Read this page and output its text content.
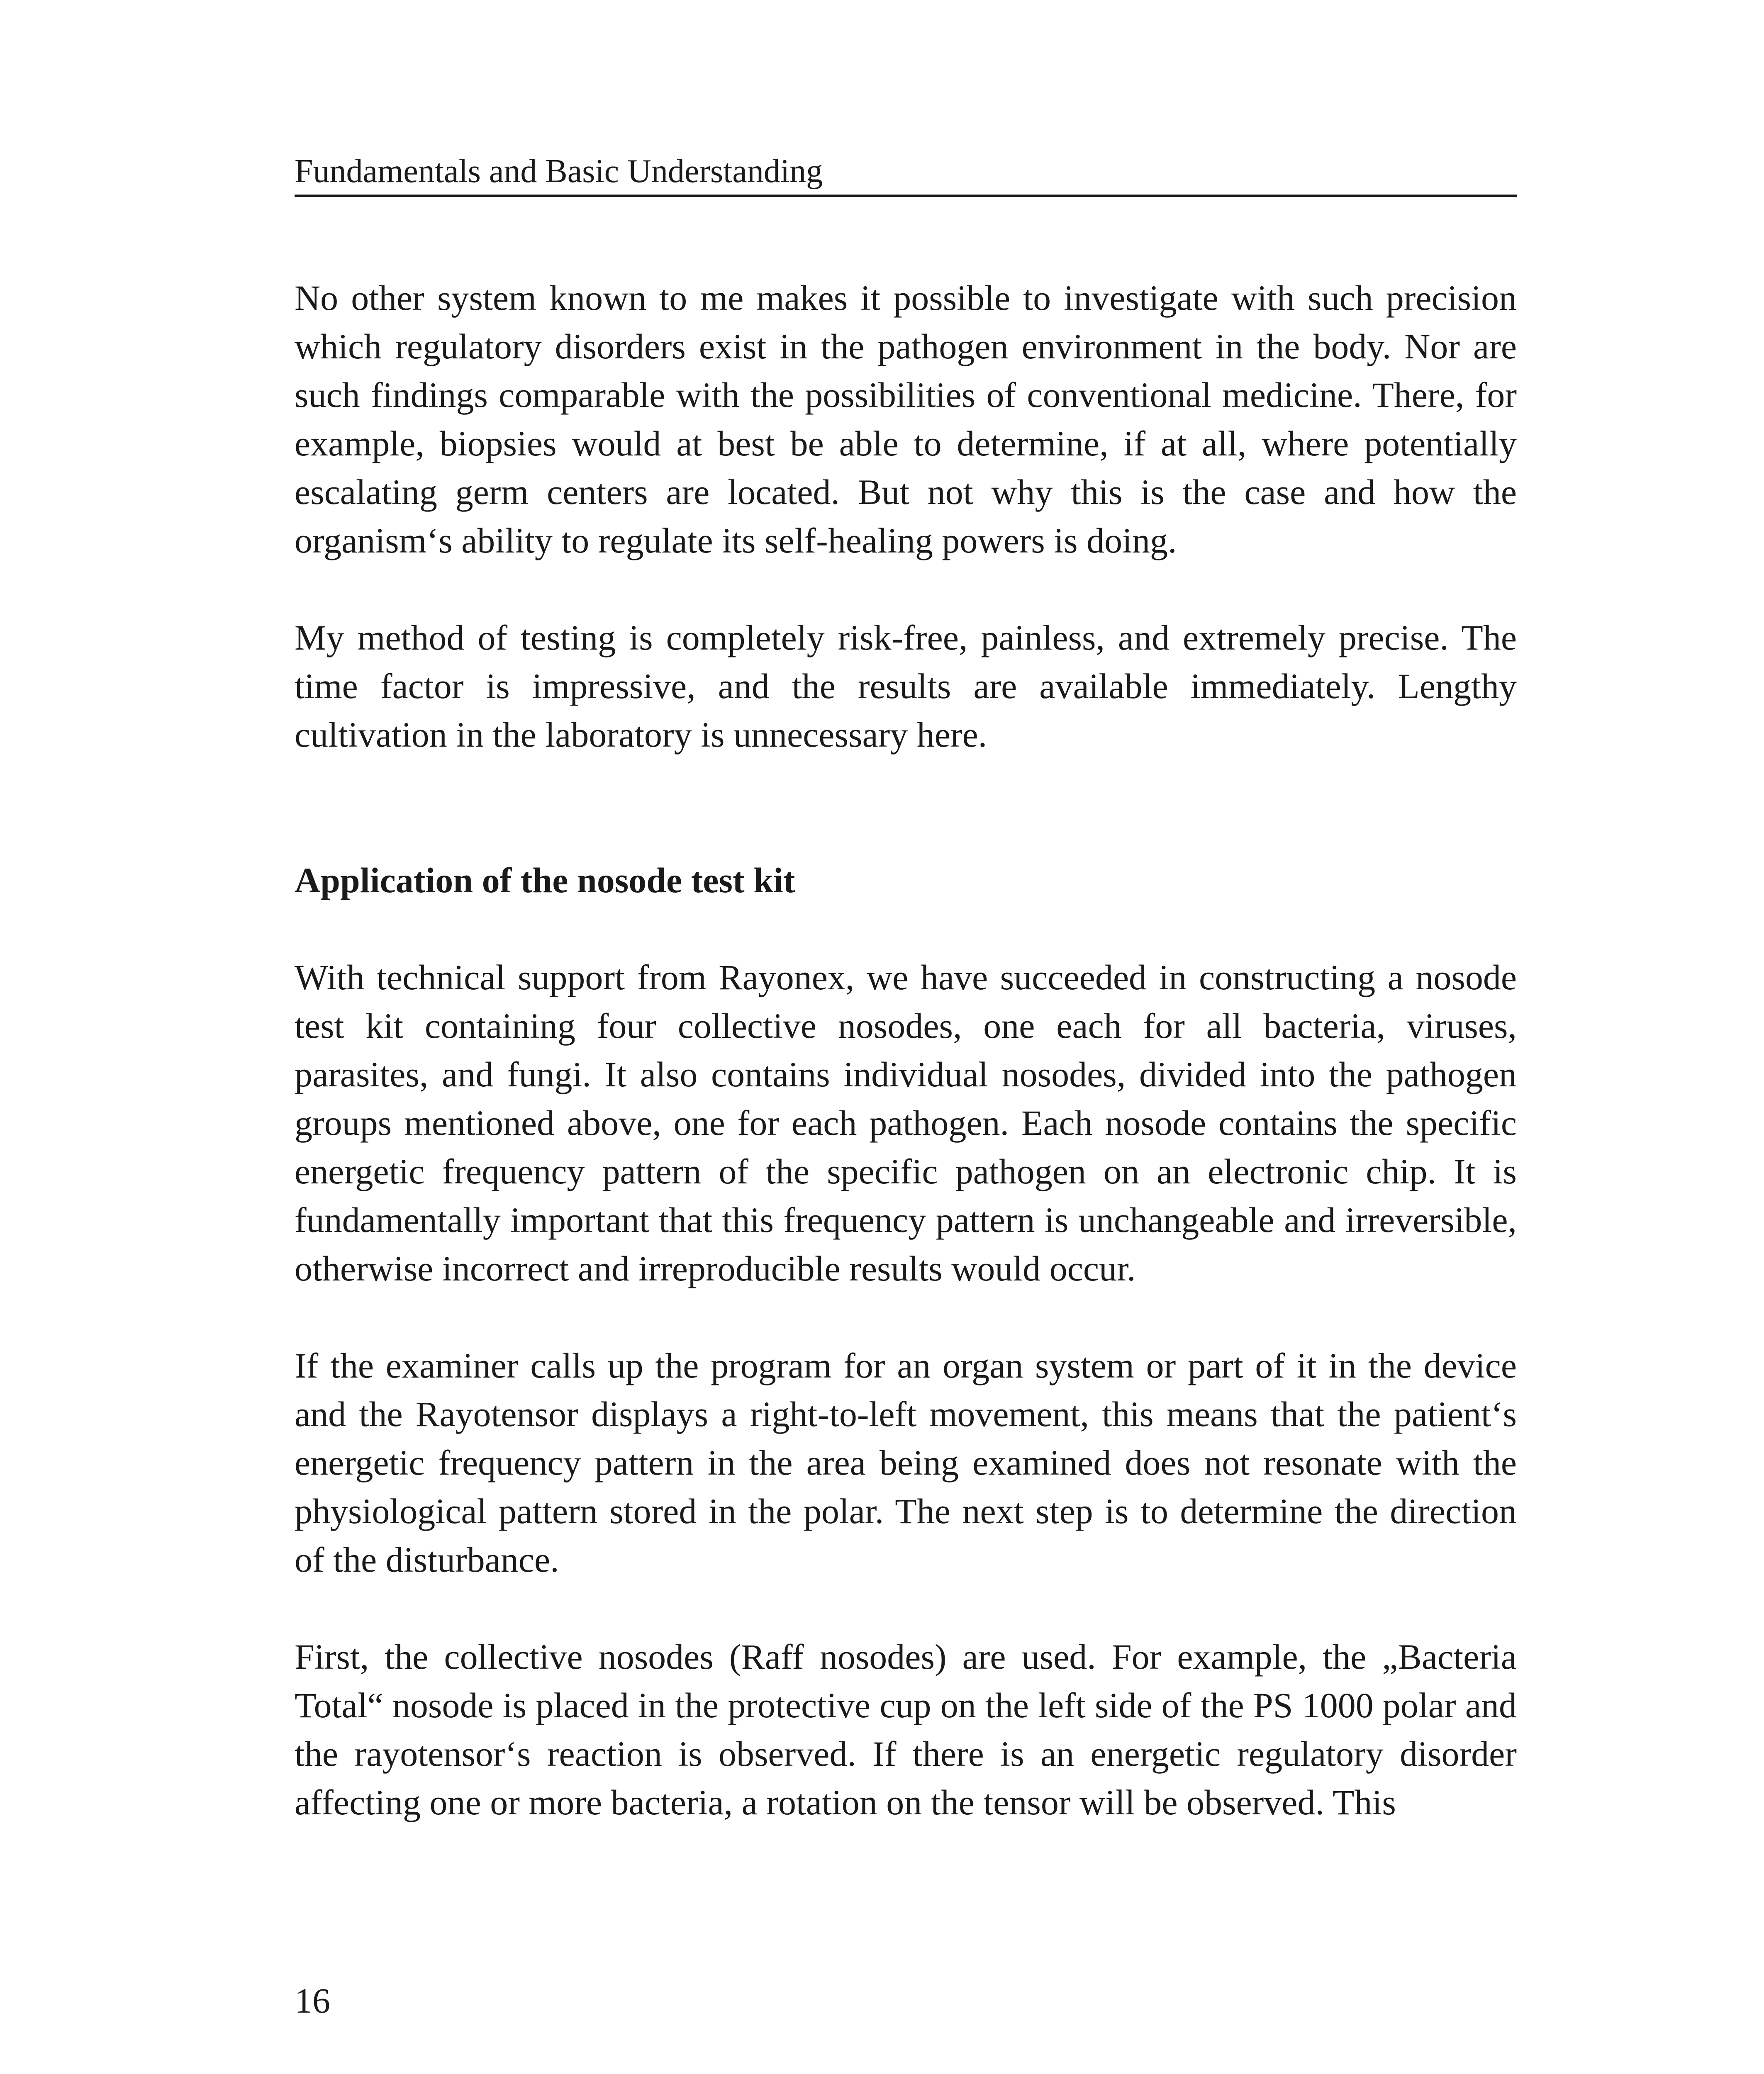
Fundamentals and Basic Understanding

No other system known to me makes it possible to investigate with such precision which regulatory disorders exist in the pathogen environment in the body. Nor are such findings comparable with the possibilities of conventional medicine. There, for example, biopsies would at best be able to determine, if at all, where potentially escalating germ centers are located. But not why this is the case and how the organism‘s ability to regulate its self-healing powers is doing.

My method of testing is completely risk-free, painless, and extremely precise. The time factor is impressive, and the results are available immediately. Lengthy cultivation in the laboratory is unnecessary here.

Application of the nosode test kit

With technical support from Rayonex, we have succeeded in constructing a nosode test kit containing four collective nosodes, one each for all bacteria, viruses, parasites, and fungi. It also contains individual nosodes, divided into the pathogen groups mentioned above, one for each pathogen. Each nosode contains the specific energetic frequency pattern of the specific pathogen on an electronic chip. It is fundamentally important that this frequency pattern is unchangeable and irreversible, otherwise incorrect and irreproducible results would occur.

If the examiner calls up the program for an organ system or part of it in the device and the Rayotensor displays a right-to-left movement, this means that the patient‘s energetic frequency pattern in the area being examined does not resonate with the physiological pattern stored in the polar. The next step is to determine the direction of the disturbance.

First, the collective nosodes (Raff nosodes) are used. For example, the „Bacteria Total“ nosode is placed in the protective cup on the left side of the PS 1000 polar and the rayotensor‘s reaction is observed. If there is an energetic regulatory disorder affecting one or more bacteria, a rotation on the tensor will be observed. This

16
